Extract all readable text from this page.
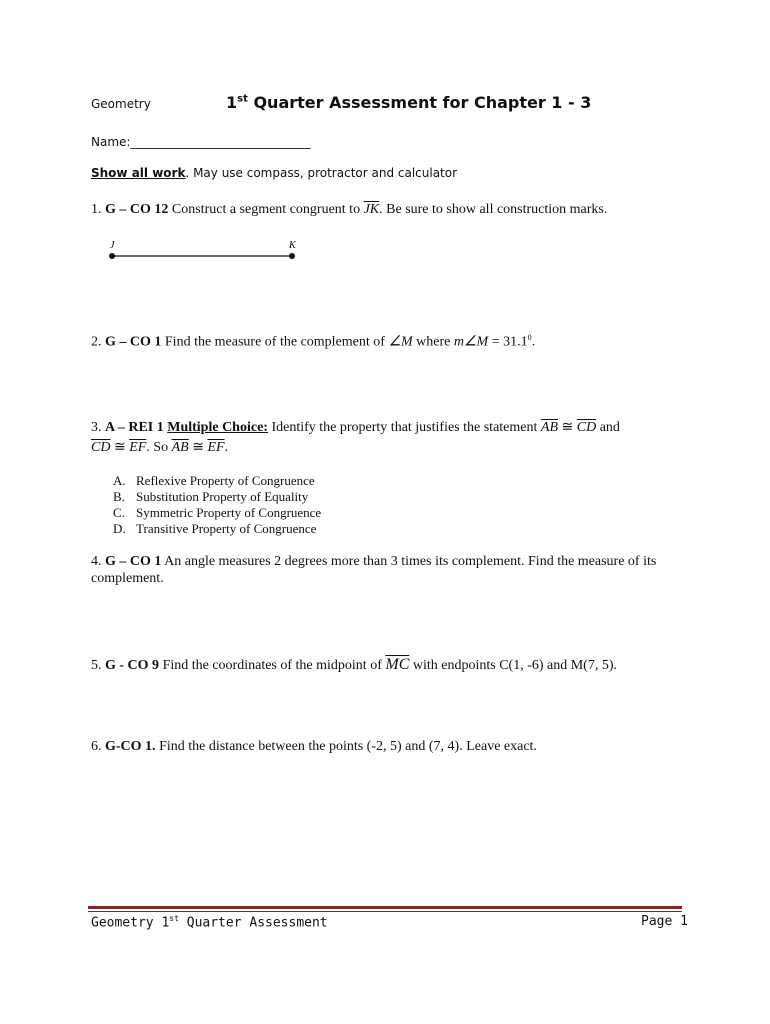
Geometry	1st Quarter Assessment for Chapter 1 - 3
Name:______________________________
Show all work. May use compass, protractor and calculator
1. G – CO 12 Construct a segment congruent to $\overline{JK}$. Be sure to show all construction marks.
J	K
2. G – CO 1 Find the measure of the complement of ∠M where m∠M = $31.1^0$.
3. A – REI 1 Multiple Choice: Identify the property that justifies the statement $\overline{AB}$ ≅ $\overline{CD}$ and
$\overline{CD}$ ≅ $\overline{EF}$. So $\overline{AB}$ ≅ $\overline{EF}$.
A. Reflexive Property of Congruence
B. Substitution Property of Equality
C. Symmetric Property of Congruence
D. Transitive Property of Congruence
4. G – CO 1 An angle measures 2 degrees more than 3 times its complement. Find the measure of its
complement.
5. G - CO 9 Find the coordinates of the midpoint of $\overline{MC}$ with endpoints C(1, -6) and M(7, 5).
6. G-CO 1. Find the distance between the points (-2, 5) and (7, 4). Leave exact.
Geometry 1st Quarter Assessment	Page 1
